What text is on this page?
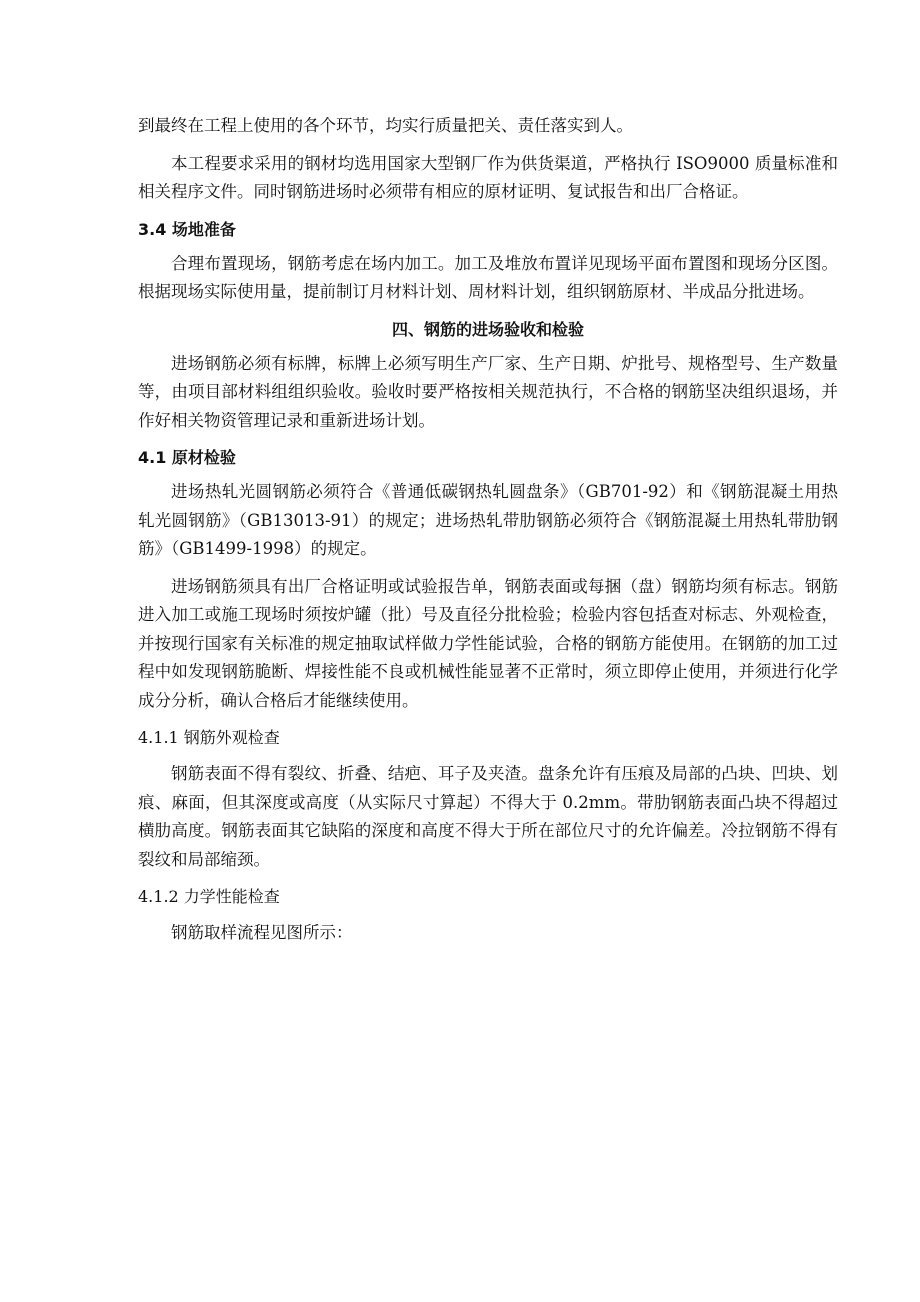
到最终在工程上使用的各个环节，均实行质量把关、责任落实到人。

本工程要求采用的钢材均选用国家大型钢厂作为供货渠道，严格执行 ISO9000 质量标准和相关程序文件。同时钢筋进场时必须带有相应的原材证明、复试报告和出厂合格证。

3.4 场地准备

合理布置现场，钢筋考虑在场内加工。加工及堆放布置详见现场平面布置图和现场分区图。根据现场实际使用量，提前制订月材料计划、周材料计划，组织钢筋原材、半成品分批进场。

四、钢筋的进场验收和检验

进场钢筋必须有标牌，标牌上必须写明生产厂家、生产日期、炉批号、规格型号、生产数量等，由项目部材料组组织验收。验收时要严格按相关规范执行，不合格的钢筋坚决组织退场，并作好相关物资管理记录和重新进场计划。

4.1 原材检验

进场热轧光圆钢筋必须符合《普通低碳钢热轧圆盘条》（GB701-92）和《钢筋混凝土用热轧光圆钢筋》（GB13013-91）的规定；进场热轧带肋钢筋必须符合《钢筋混凝土用热轧带肋钢筋》（GB1499-1998）的规定。

进场钢筋须具有出厂合格证明或试验报告单，钢筋表面或每捆（盘）钢筋均须有标志。钢筋进入加工或施工现场时须按炉罐（批）号及直径分批检验；检验内容包括查对标志、外观检查，并按现行国家有关标准的规定抽取试样做力学性能试验，合格的钢筋方能使用。在钢筋的加工过程中如发现钢筋脆断、焊接性能不良或机械性能显著不正常时，须立即停止使用，并须进行化学成分分析，确认合格后才能继续使用。

4.1.1 钢筋外观检查

钢筋表面不得有裂纹、折叠、结疤、耳子及夹渣。盘条允许有压痕及局部的凸块、凹块、划痕、麻面，但其深度或高度（从实际尺寸算起）不得大于 0.2mm。带肋钢筋表面凸块不得超过横肋高度。钢筋表面其它缺陷的深度和高度不得大于所在部位尺寸的允许偏差。冷拉钢筋不得有裂纹和局部缩颈。

4.1.2 力学性能检查

钢筋取样流程见图所示：
